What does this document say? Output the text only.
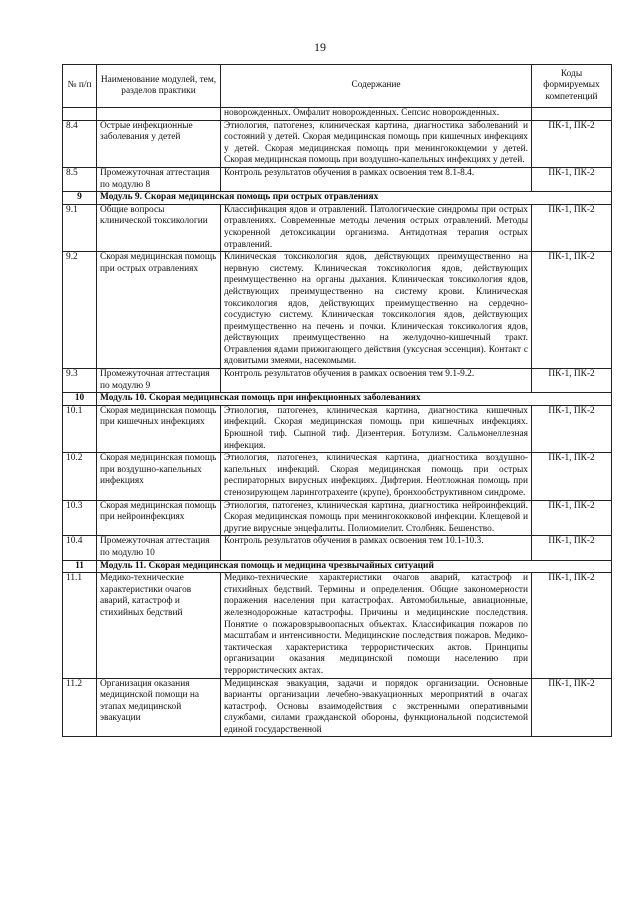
19
№ п/п	Наименование модулей, тем, разделов практики	Содержание	Коды формируемых компетенций
		новорожденных. Омфалит новорожденных. Сепсис новорожденных.	
8.4	Острые инфекционные заболевания у детей	Этиология, патогенез, клиническая картина, диагностика заболеваний и состояний у детей. Скорая медицинская помощь при кишечных инфекциях у детей. Скорая медицинская помощь при менингококцемии у детей. Скорая медицинская помощь при воздушно-капельных инфекциях у детей.	ПК-1, ПК-2
8.5	Промежуточная аттестация по модулю 8	Контроль результатов обучения в рамках освоения тем 8.1-8.4.	ПК-1, ПК-2
9	Модуль 9. Скорая медицинская помощь при острых отравлениях		
9.1	Общие вопросы клинической токсикологии	Классификация ядов и отравлений. Патологические синдромы при острых отравлениях. Современные методы лечения острых отравлений. Методы ускоренной детоксикации организма. Антидотная терапия острых отравлений.	ПК-1, ПК-2
9.2	Скорая медицинская помощь при острых отравлениях	Клиническая токсикология ядов, действующих преимущественно на нервную систему. Клиническая токсикология ядов, действующих преимущественно на органы дыхания. Клиническая токсикология ядов, действующих преимущественно на систему крови. Клиническая токсикология ядов, действующих преимущественно на сердечно-сосудистую систему. Клиническая токсикология ядов, действующих преимущественно на печень и почки. Клиническая токсикология ядов, действующих преимущественно на желудочно-кишечный тракт. Отравления ядами прижигающего действия (уксусная эссенция). Контакт с ядовитыми змеями, насекомыми.	ПК-1, ПК-2
9.3	Промежуточная аттестация по модулю 9	Контроль результатов обучения в рамках освоения тем 9.1-9.2.	ПК-1, ПК-2
10	Модуль 10. Скорая медицинская помощь при инфекционных заболеваниях		
10.1	Скорая медицинская помощь при кишечных инфекциях	Этиология, патогенез, клиническая картина, диагностика кишечных инфекций. Скорая медицинская помощь при кишечных инфекциях. Брюшной тиф. Сыпной тиф. Дизентерия. Ботулизм. Сальмонеллезная инфекция.	ПК-1, ПК-2
10.2	Скорая медицинская помощь при воздушно-капельных инфекциях	Этиология, патогенез, клиническая картина, диагностика воздушно-капельных инфекций. Скорая медицинская помощь при острых респираторных вирусных инфекциях. Дифтерия. Неотложная помощь при стенозирующем ларинготрахеите (крупе), бронхообструктивном синдроме.	ПК-1, ПК-2
10.3	Скорая медицинская помощь при нейроинфекциях	Этиология, патогенез, клиническая картина, диагностика нейроинфекций. Скорая медицинская помощь при менингококковой инфекции. Клещевой и другие вирусные энцефалиты. Полиомиелит. Столбняк. Бешенство.	ПК-1, ПК-2
10.4	Промежуточная аттестация по модулю 10	Контроль результатов обучения в рамках освоения тем 10.1-10.3.	ПК-1, ПК-2
11	Модуль 11. Скорая медицинская помощь и медицина чрезвычайных ситуаций		
11.1	Медико-технические характеристики очагов аварий, катастроф и стихийных бедствий	Медико-технические характеристики очагов аварий, катастроф и стихийных бедствий. Термины и определения. Общие закономерности поражения населения при катастрофах. Автомобильные, авиационные, железнодорожные катастрофы. Причины и медицинские последствия. Понятие о пожаровзрывоопасных объектах. Классификация пожаров по масштабам и интенсивности. Медицинские последствия пожаров. Медико-тактическая характеристика террористических актов. Принципы организации оказания медицинской помощи населению при террористических актах.	ПК-1, ПК-2
11.2	Организация оказания медицинской помощи на этапах медицинской эвакуации	Медицинская эвакуация, задачи и порядок организации. Основные варианты организации лечебно-эвакуационных мероприятий в очагах катастроф. Основы взаимодействия с экстренными оперативными службами, силами гражданской обороны, функциональной подсистемой единой государственной	ПК-1, ПК-2
